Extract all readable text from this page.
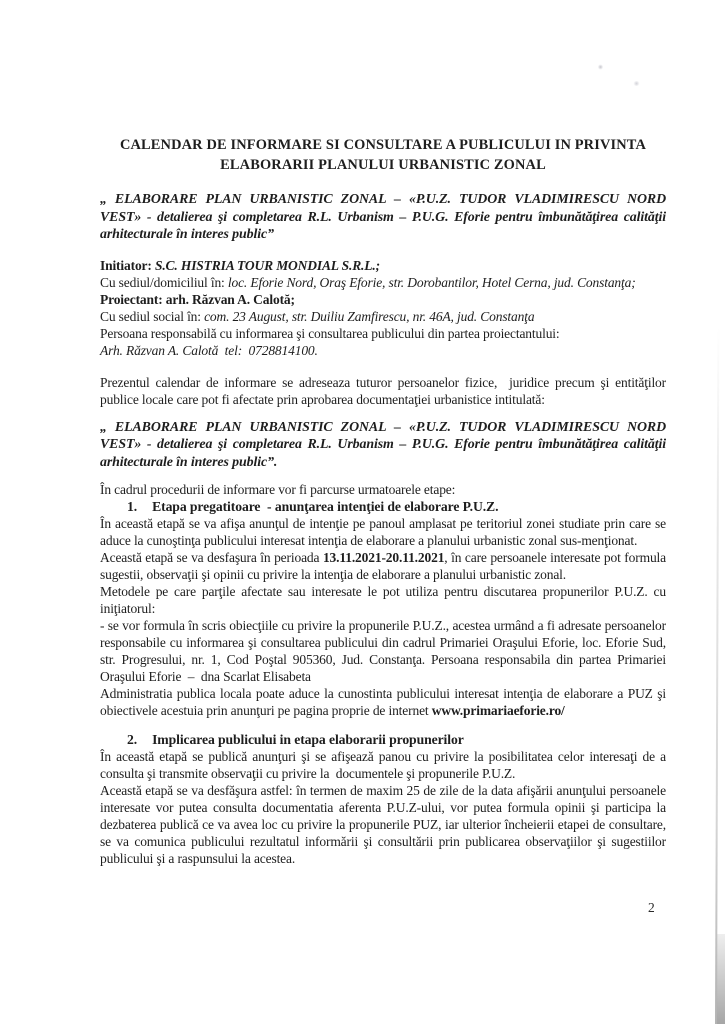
CALENDAR DE INFORMARE SI CONSULTARE A PUBLICULUI IN PRIVINTA
ELABORARII PLANULUI URBANISTIC ZONAL

„ ELABORARE PLAN URBANISTIC ZONAL – «P.U.Z. TUDOR VLADIMIRESCU NORD VEST» - detalierea şi completarea R.L. Urbanism – P.U.G. Eforie pentru îmbunătăţirea calităţii arhitecturale în interes public”

Initiator: S.C. HISTRIA TOUR MONDIAL S.R.L.;

Cu sediul/domiciliul în: loc. Eforie Nord, Oraş Eforie, str. Dorobantilor, Hotel Cerna, jud. Constanţa;

Proiectant: arh. Răzvan A. Calotă;

Cu sediul social în: com. 23 August, str. Duiliu Zamfirescu, nr. 46A, jud. Constanţa

Persoana responsabilă cu informarea şi consultarea publicului din partea proiectantului:

Arh. Răzvan A. Calotă  tel:  0728814100.

Prezentul calendar de informare se adreseaza tuturor persoanelor fizice,  juridice precum şi entităţilor publice locale care pot fi afectate prin aprobarea documentaţiei urbanistice intitulată:

„ ELABORARE PLAN URBANISTIC ZONAL – «P.U.Z. TUDOR VLADIMIRESCU NORD VEST» - detalierea şi completarea R.L. Urbanism – P.U.G. Eforie pentru îmbunătăţirea calităţii arhitecturale în interes public”.

În cadrul procedurii de informare vor fi parcurse urmatoarele etape:

1. Etapa pregatitoare  - anunţarea intenţiei de elaborare P.U.Z.

În această etapă se va afişa anunţul de intenţie pe panoul amplasat pe teritoriul zonei studiate prin care se aduce la cunoştinţa publicului interesat intenţia de elaborare a planului urbanistic zonal sus-menţionat.

Această etapă se va desfaşura în perioada 13.11.2021-20.11.2021, în care persoanele interesate pot formula sugestii, observaţii şi opinii cu privire la intenţia de elaborare a planului urbanistic zonal.

Metodele pe care parţile afectate sau interesate le pot utiliza pentru discutarea propunerilor P.U.Z. cu iniţiatorul:

- se vor formula în scris obiecţiile cu privire la propunerile P.U.Z., acestea urmând a fi adresate persoanelor responsabile cu informarea şi consultarea publicului din cadrul Primariei Oraşului Eforie, loc. Eforie Sud, str. Progresului, nr. 1, Cod Poştal 905360, Jud. Constanţa. Persoana responsabila din partea Primariei Oraşului Eforie  –  dna Scarlat Elisabeta

Administratia publica locala poate aduce la cunostinta publicului interesat intenţia de elaborare a PUZ şi obiectivele acestuia prin anunţuri pe pagina proprie de internet www.primariaeforie.ro/

2. Implicarea publicului in etapa elaborarii propunerilor

În această etapă se publică anunţuri şi se afişează panou cu privire la posibilitatea celor interesaţi de a consulta şi transmite observaţii cu privire la  documentele şi propunerile P.U.Z.

Această etapă se va desfăşura astfel: în termen de maxim 25 de zile de la data afişării anunţului persoanele interesate vor putea consulta documentatia aferenta P.U.Z-ului, vor putea formula opinii şi participa la dezbaterea publică ce va avea loc cu privire la propunerile PUZ, iar ulterior încheierii etapei de consultare, se va comunica publicului rezultatul informării şi consultării prin publicarea observaţiilor şi sugestiilor publicului şi a raspunsului la acestea.

2
